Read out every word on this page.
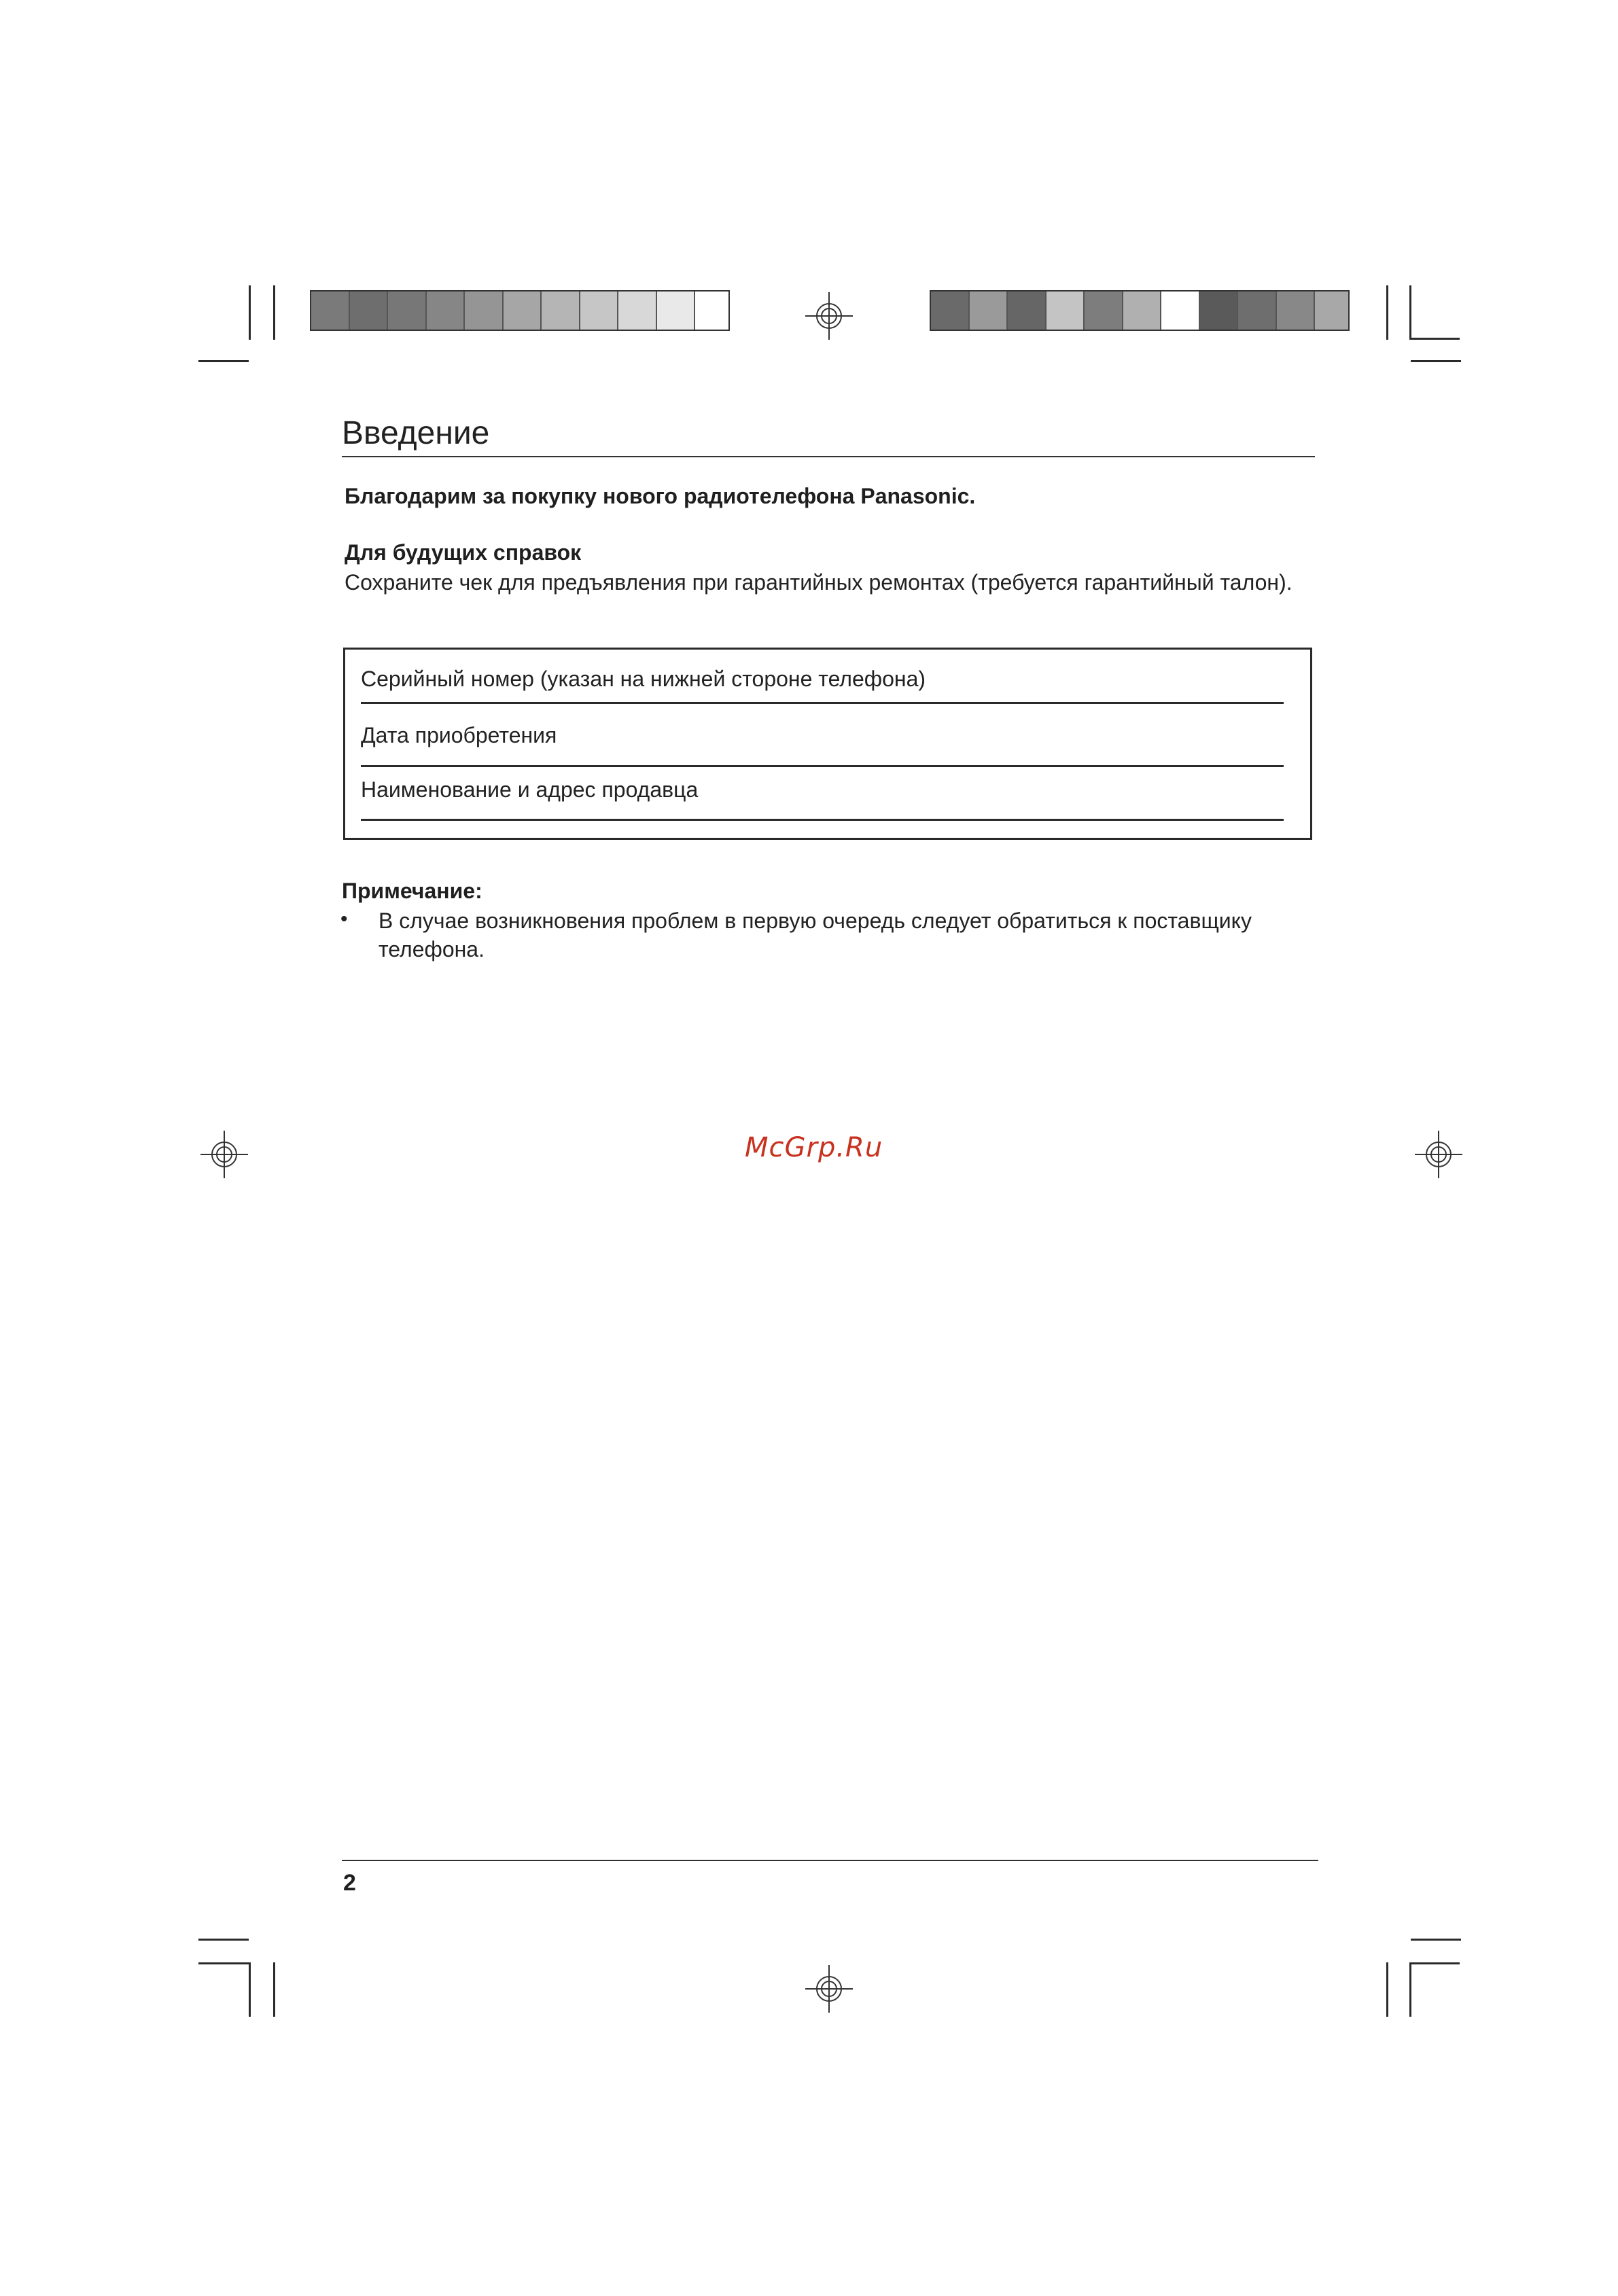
Введение
Благодарим за покупку нового радиотелефона Panasonic.
Для будущих справок
Сохраните чек для предъявления при гарантийных ремонтах (требуется гарантийный талон).
Серийный номер (указан на нижней стороне телефона)
Дата приобретения
Наименование и адрес продавца
Примечание:
• В случае возникновения проблем в первую очередь следует обратиться к поставщику телефона.
McGrp.Ru
2
